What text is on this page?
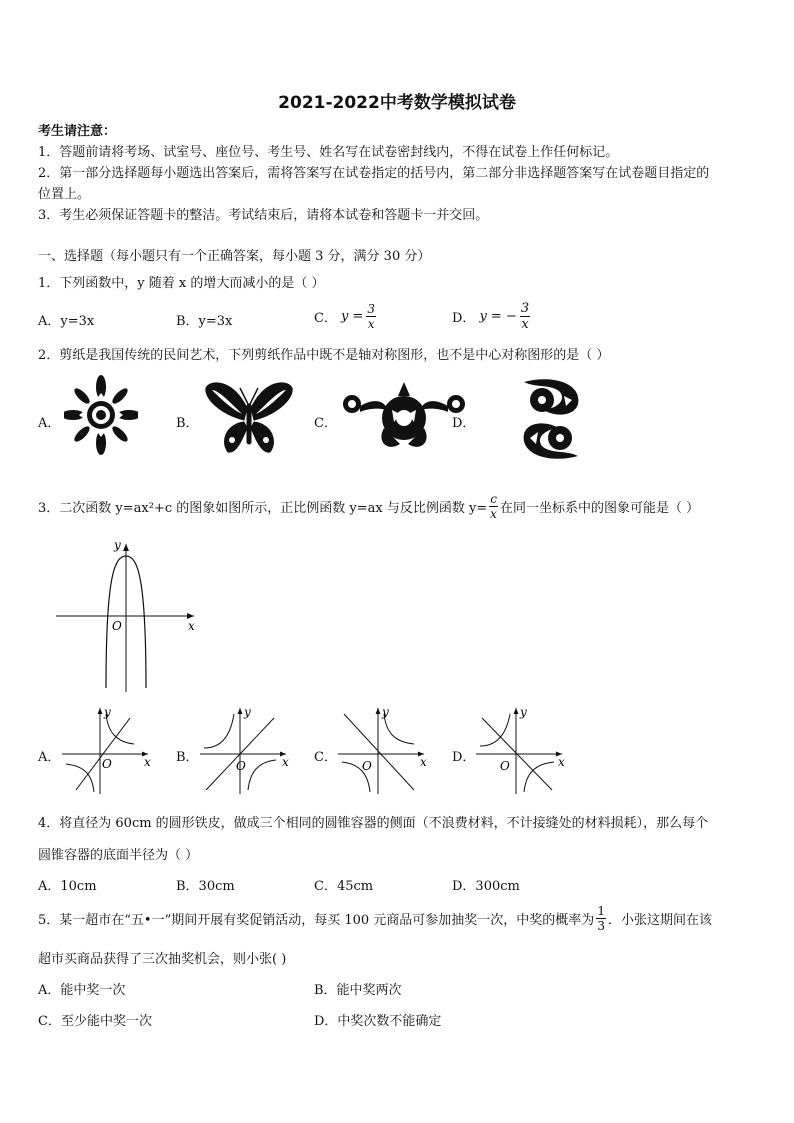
2021-2022中考数学模拟试卷
考生请注意：
1．答题前请将考场、试室号、座位号、考生号、姓名写在试卷密封线内，不得在试卷上作任何标记。
2．第一部分选择题每小题选出答案后，需将答案写在试卷指定的括号内，第二部分非选择题答案写在试卷题目指定的
位置上。
3．考生必须保证答题卡的整洁。考试结束后，请将本试卷和答题卡一并交回。
一、选择题（每小题只有一个正确答案，每小题 3 分，满分 30 分）
1．下列函数中，y 随着 x 的增大而减小的是（ ）
A．y=3x	B．y=3x	C． $y = \frac{3}{x}$	D． y = − $\frac{3}{x}$
2．剪纸是我国传统的民间艺术，下列剪纸作品中既不是轴对称图形，也不是中心对称图形的是（ ）
A．	B．	C．	D．
3．二次函数 y=ax²+c 的图象如图所示，正比例函数 y=ax 与反比例函数 $y= \frac{c}{x}$ 在同一坐标系中的图象可能是（ ）
y
x
O
A．
y
x
O	B．
y
x
O
C．
y
x
O
D．
y
x
O
4．将直径为 60cm 的圆形铁皮，做成三个相同的圆锥容器的侧面（不浪费材料，不计接缝处的材料损耗），那么每个
圆锥容器的底面半径为（ ）
A．10cm	B．30cm	C．45cm	D．300cm
5．某一超市在“五•一”期间开展有奖促销活动，每买 100 元商品可参加抽奖一次，中奖的概率为 $\frac{1}{3}$ ．小张这期间在该
超市买商品获得了三次抽奖机会，则小张( )
A．能中奖一次	B．能中奖两次
C．至少能中奖一次	D．中奖次数不能确定
